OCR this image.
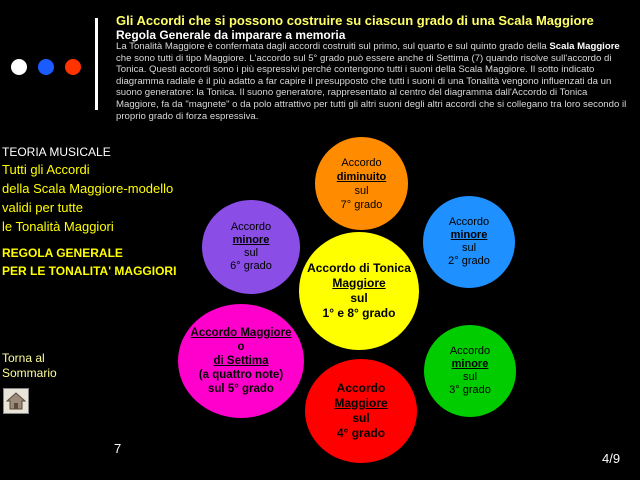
Gli Accordi che si possono costruire su ciascun grado di una Scala Maggiore
Regola Generale da imparare a memoria
La Tonalità Maggiore è confermata dagli accordi costruiti sul primo, sul quarto e sul quinto grado della Scala Maggiore che sono tutti di tipo Maggiore. L'accordo sul 5° grado può essere anche di Settima (7) quando risolve sull'accordo di Tonica. Questi accordi sono i più espressivi perché contengono tutti i suoni della Scala Maggiore. Il sotto indicato diagramma radiale è il più adatto a far capire il presupposto che tutti i suoni di una Tonalità vengono influenzati da un suono generatore: la Tonica. Il suono generatore, rappresentato al centro del diagramma dall'Accordo di Tonica Maggiore, fa da "magnete" o da polo attrattivo per tutti gli altri suoni degli altri accordi che si collegano tra loro secondo il proprio grado di forza espressiva.
TEORIA MUSICALE
Tutti gli Accordi
della Scala Maggiore-modello
validi per tutte
le Tonalità Maggiori
REGOLA GENERALE
PER LE TONALITA' MAGGIORI
Torna al
Sommario
Accordo
diminuito
sul
7° grado
Accordo
minore
sul
6° grado
Accordo
minore
sul
2° grado
Accordo di Tonica
Maggiore
sul
1° e 8° grado
Accordo Maggiore
o
di Settima
(a quattro note)
sul 5° grado
Accordo
minore
sul
3° grado
Accordo
Maggiore
sul
4° grado
7
4/9
